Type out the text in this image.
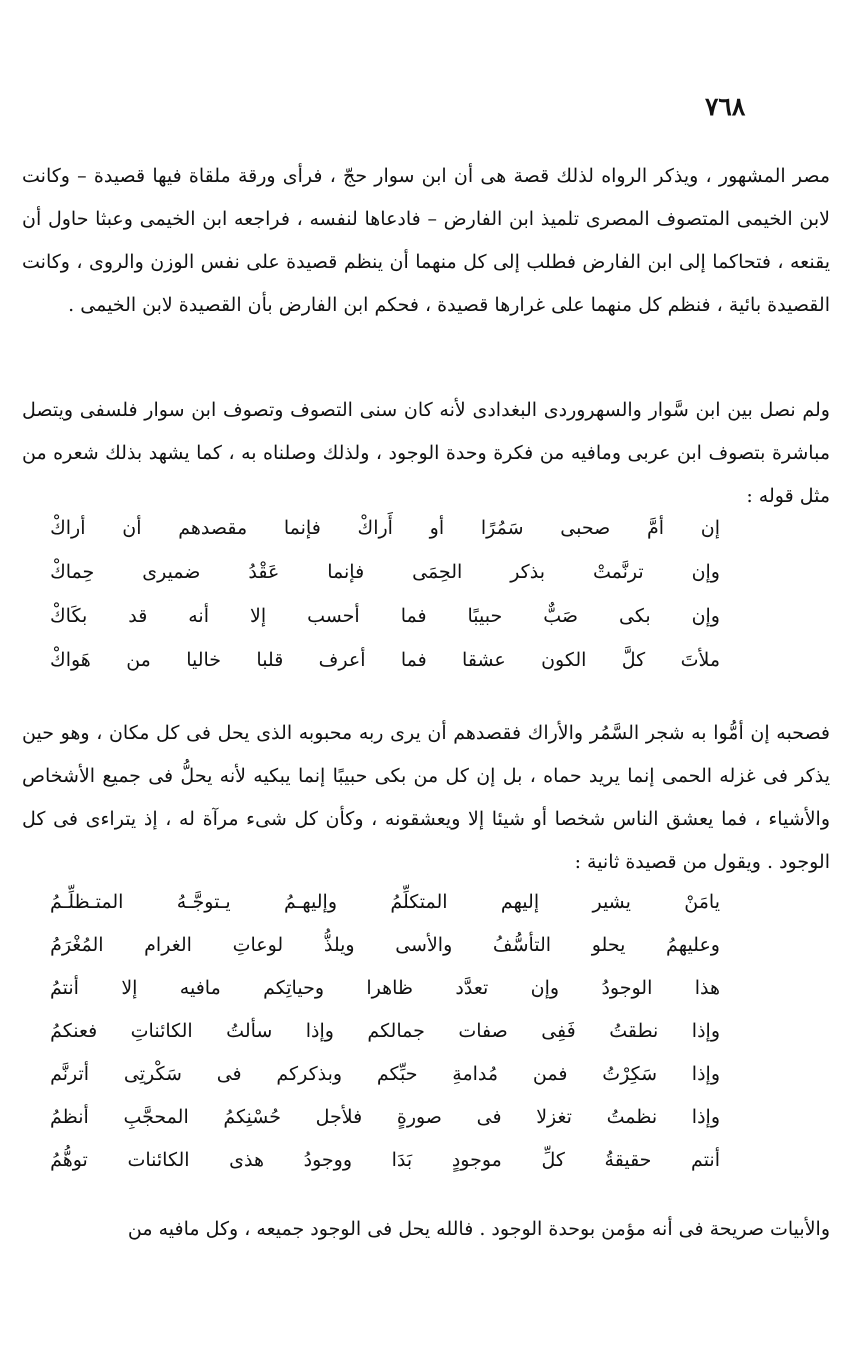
٧٦٨

مصر المشهور ، ويذكر الرواه لذلك قصة هى أن ابن سوار حجّ ، فرأى ورقة ملقاة فيها قصيدة – وكانت لابن الخيمى المتصوف المصرى تلميذ ابن الفارض – فادعاها لنفسه ، فراجعه ابن الخيمى وعبثا حاول أن يقنعه ، فتحاكما إلى ابن الفارض فطلب إلى كل منهما أن ينظم قصيدة على نفس الوزن والروى ، وكانت القصيدة بائية ، فنظم كل منهما على غرارها قصيدة ، فحكم ابن الفارض بأن القصيدة لابن الخيمى .

ولم نصل بين ابن سَّوار والسهروردى البغدادى لأنه كان سنى التصوف وتصوف ابن سوار فلسفى ويتصل مباشرة بتصوف ابن عربى ومافيه من فكرة وحدة الوجود ، ولذلك وصلناه به ، كما يشهد بذلك شعره من مثل قوله :

إن
أمَّ
صحبى
سَمُرًا
أو
أَراكْ
فإنما
مقصدهم
أن
أراكْ
وإن
ترنَّمتْ
بذكر
الحِمَى
فإنما
عَقْدُ
ضميرى
حِماكْ
وإن
بكى
صَبٌّ
حبيبًا
فما
أحسب
إلا
أنه
قد
بكَاكْ
ملأتَ
كلَّ
الكون
عشقا
فما
أعرف
قلبا
خاليا
من
هَواكْ

فصحبه إن أمُّوا به شجر السَّمُر والأراك فقصدهم أن يرى ربه محبوبه الذى يحل فى كل مكان ، وهو حين يذكر فى غزله الحمى إنما يريد حماه ، بل إن كل من بكى حبيبًا إنما يبكيه لأنه يحلُّ فى جميع الأشخاص والأشياء ، فما يعشق الناس شخصا أو شيئا إلا ويعشقونه ، وكأن كل شىء مرآة له ، إذ يتراءى فى كل الوجود . ويقول من قصيدة ثانية :

يامَنْ
يشير
إليهم
المتكلِّمُ
وإليهـمُ
يـتوجَّـهُ
المتـظلِّـمُ
وعليهمُ
يحلو
التأسُّفُ
والأسى
ويلذُّ
لوعاتِ
الغرام
المُغْرَمُ
هذا
الوجودُ
وإن
تعدَّد
ظاهرا
وحياتِكم
مافيه
إلا
أنتمُ
وإذا
نطقتُ
فَفِى
صفات
جمالكم
وإذا
سألتُ
الكائناتِ
فعنكمُ
وإذا
سَكِرْتُ
فمن
مُدامةِ
حبِّكم
وبذكركم
فى
سَكْرتِى
أترنَّم
وإذا
نظمتُ
تغزلا
فى
صورةٍ
فلأجل
حُسْنِكمُ
المحجَّبِ
أنظمُ
أنتم
حقيقةُ
كلِّ
موجودٍ
بَدَا
ووجودُ
هذى
الكائنات
توهُّمُ

والأبيات صريحة فى أنه مؤمن بوحدة الوجود . فالله يحل فى الوجود جميعه ، وكل مافيه من
